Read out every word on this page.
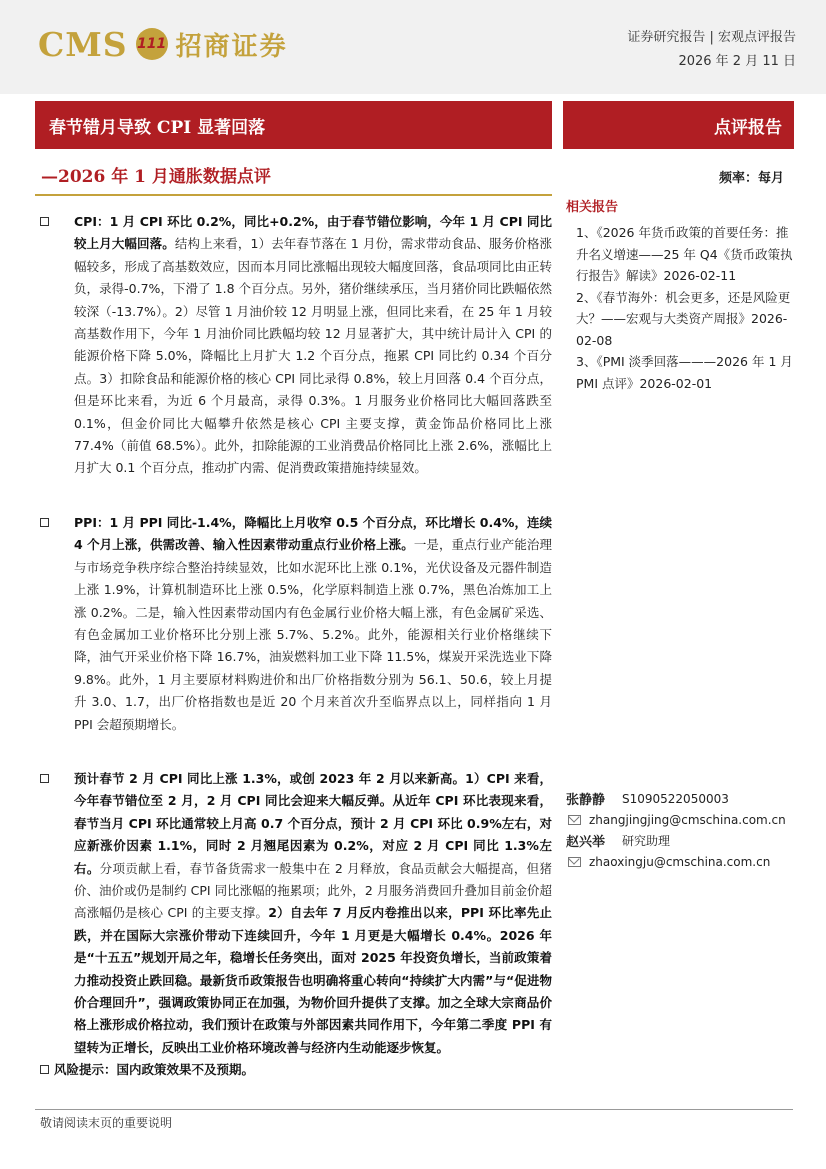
CMS 111 招商证券	证券研究报告 | 宏观点评报告
2026 年 2 月 11 日
春节错月导致 CPI 显著回落	点评报告
—2026 年 1 月通胀数据点评	频率：每月
CPI：1 月 CPI 环比 0.2%，同比+0.2%，由于春节错位影响，今年 1 月 CPI 同比较上月大幅回落。结构上来看，1）去年春节落在 1 月份，需求带动食品、服务价格涨幅较多，形成了高基数效应，因而本月同比涨幅出现较大幅度回落，食品项同比由正转负，录得-0.7%，下滑了 1.8 个百分点。另外，猪价继续承压，当月猪价同比跌幅依然较深（-13.7%）。2）尽管 1 月油价较 12 月明显上涨，但同比来看，在 25 年 1 月较高基数作用下，今年 1 月油价同比跌幅均较 12 月显著扩大，其中统计局计入 CPI 的能源价格下降 5.0%，降幅比上月扩大 1.2 个百分点，拖累 CPI 同比约 0.34 个百分点。3）扣除食品和能源价格的核心 CPI 同比录得 0.8%，较上月回落 0.4 个百分点，但是环比来看，为近 6 个月最高，录得 0.3%。1 月服务业价格同比大幅回落跌至 0.1%，但金价同比大幅攀升依然是核心 CPI 主要支撑，黄金饰品价格同比上涨 77.4%（前值 68.5%）。此外，扣除能源的工业消费品价格同比上涨 2.6%，涨幅比上月扩大 0.1 个百分点，推动扩内需、促消费政策措施持续显效。
PPI：1 月 PPI 同比-1.4%，降幅比上月收窄 0.5 个百分点，环比增长 0.4%，连续 4 个月上涨，供需改善、输入性因素带动重点行业价格上涨。一是，重点行业产能治理与市场竞争秩序综合整治持续显效，比如水泥环比上涨 0.1%，光伏设备及元器件制造上涨 1.9%，计算机制造环比上涨 0.5%，化学原料制造上涨 0.7%，黑色冶炼加工上涨 0.2%。二是，输入性因素带动国内有色金属行业价格大幅上涨，有色金属矿采选、有色金属加工业价格环比分别上涨 5.7%、5.2%。此外，能源相关行业价格继续下降，油气开采业价格下降 16.7%，油炭燃料加工业下降 11.5%，煤炭开采洗选业下降 9.8%。此外，1 月主要原材料购进价和出厂价格指数分别为 56.1、50.6，较上月提升 3.0、1.7，出厂价格指数也是近 20 个月来首次升至临界点以上，同样指向 1 月 PPI 会超预期增长。
预计春节 2 月 CPI 同比上涨 1.3%，或创 2023 年 2 月以来新高。1）CPI 来看，今年春节错位至 2 月，2 月 CPI 同比会迎来大幅反弹。从近年 CPI 环比表现来看，春节当月 CPI 环比通常较上月高 0.7 个百分点，预计 2 月 CPI 环比 0.9%左右，对应新涨价因素 1.1%，同时 2 月翘尾因素为 0.2%，对应 2 月 CPI 同比 1.3%左右。分项贡献上看，春节备货需求一般集中在 2 月释放，食品贡献会大幅提高，但猪价、油价或仍是制约 CPI 同比涨幅的拖累项；此外，2 月服务消费回升叠加目前金价超高涨幅仍是核心 CPI 的主要支撑。2）自去年 7 月反内卷推出以来，PPI 环比率先止跌，并在国际大宗涨价带动下连续回升，今年 1 月更是大幅增长 0.4%。2026 年是“十五五”规划开局之年，稳增长任务突出，面对 2025 年投资负增长，当前政策着力推动投资止跌回稳。最新货币政策报告也明确将重心转向“持续扩大内需”与“促进物价合理回升”，强调政策协同正在加强，为物价回升提供了支撑。加之全球大宗商品价格上涨形成价格拉动，我们预计在政策与外部因素共同作用下，今年第二季度 PPI 有望转为正增长，反映出工业价格环境改善与经济内生动能逐步恢复。
风险提示：国内政策效果不及预期。
相关报告

1、《2026 年货币政策的首要任务：推升名义增速——25 年 Q4《货币政策执行报告》解读》2026-02-11

2、《春节海外：机会更多，还是风险更大？——宏观与大类资产周报》2026-02-08

3、《PMI 淡季回落———2026 年 1 月 PMI 点评》2026-02-01

张静静	S1090522050003
zhangjingjing@cmschina.com.cn
赵兴举	研究助理
zhaoxingju@cmschina.com.cn
敬请阅读末页的重要说明
